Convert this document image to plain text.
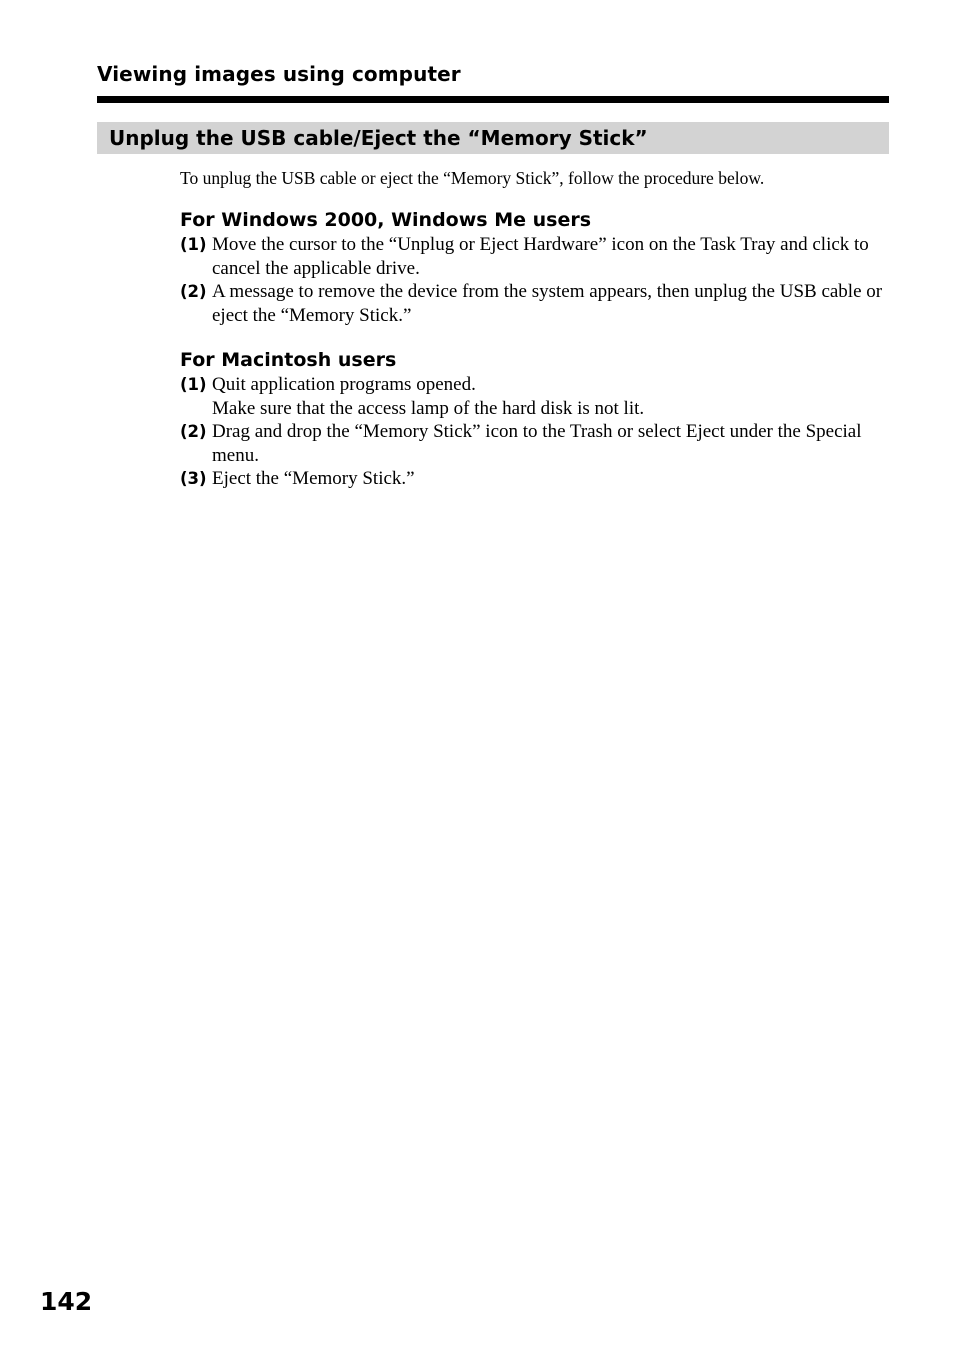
Viewing images using computer
Unplug the USB cable/Eject the “Memory Stick”

To unplug the USB cable or eject the “Memory Stick”, follow the procedure below.

For Windows 2000, Windows Me users
(1) Move the cursor to the “Unplug or Eject Hardware” icon on the Task Tray and click to cancel the applicable drive.
(2) A message to remove the device from the system appears, then unplug the USB cable or eject the “Memory Stick.”
For Macintosh users
(1) Quit application programs opened.
Make sure that the access lamp of the hard disk is not lit.
(2) Drag and drop the “Memory Stick” icon to the Trash or select Eject under the Special menu.
(3) Eject the “Memory Stick.”
142
